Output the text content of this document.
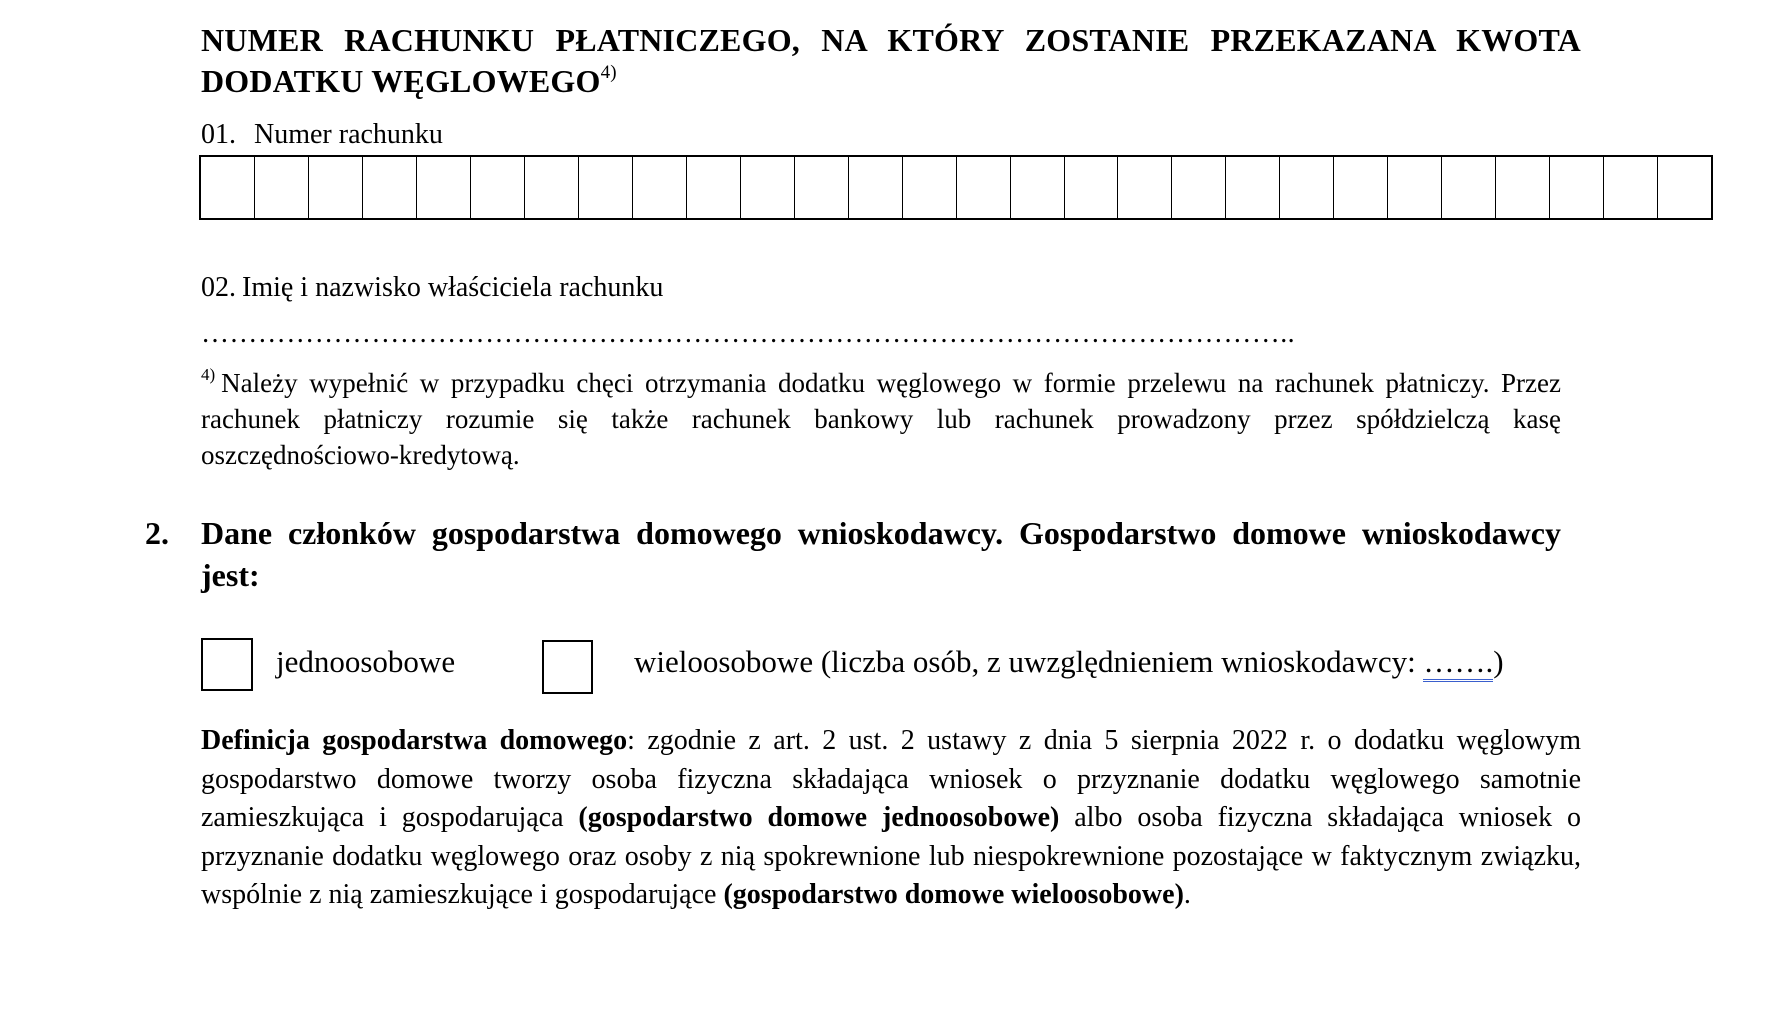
NUMER RACHUNKU PŁATNICZEGO, NA KTÓRY ZOSTANIE PRZEKAZANA KWOTA DODATKU WĘGLOWEGO$^{4)}$
01. Numer rachunku
02. Imię i nazwisko właściciela rachunku
……………………………………………………………………………………………………..
$^{4)}$ Należy wypełnić w przypadku chęci otrzymania dodatku węglowego w formie przelewu na rachunek płatniczy. Przez rachunek płatniczy rozumie się także rachunek bankowy lub rachunek prowadzony przez spółdzielczą kasę oszczędnościowo-kredytową.
2. Dane członków gospodarstwa domowego wnioskodawcy. Gospodarstwo domowe wnioskodawcy jest:
jednoosobowe	wieloosobowe (liczba osób, z uwzględnieniem wnioskodawcy: …….)
Definicja gospodarstwa domowego: zgodnie z art. 2 ust. 2 ustawy z dnia 5 sierpnia 2022 r. o dodatku węglowym gospodarstwo domowe tworzy osoba fizyczna składająca wniosek o przyznanie dodatku węglowego samotnie zamieszkująca i gospodarująca (gospodarstwo domowe jednoosobowe) albo osoba fizyczna składająca wniosek o przyznanie dodatku węglowego oraz osoby z nią spokrewnione lub niespokrewnione pozostające w faktycznym związku, wspólnie z nią zamieszkujące i gospodarujące (gospodarstwo domowe wieloosobowe).
